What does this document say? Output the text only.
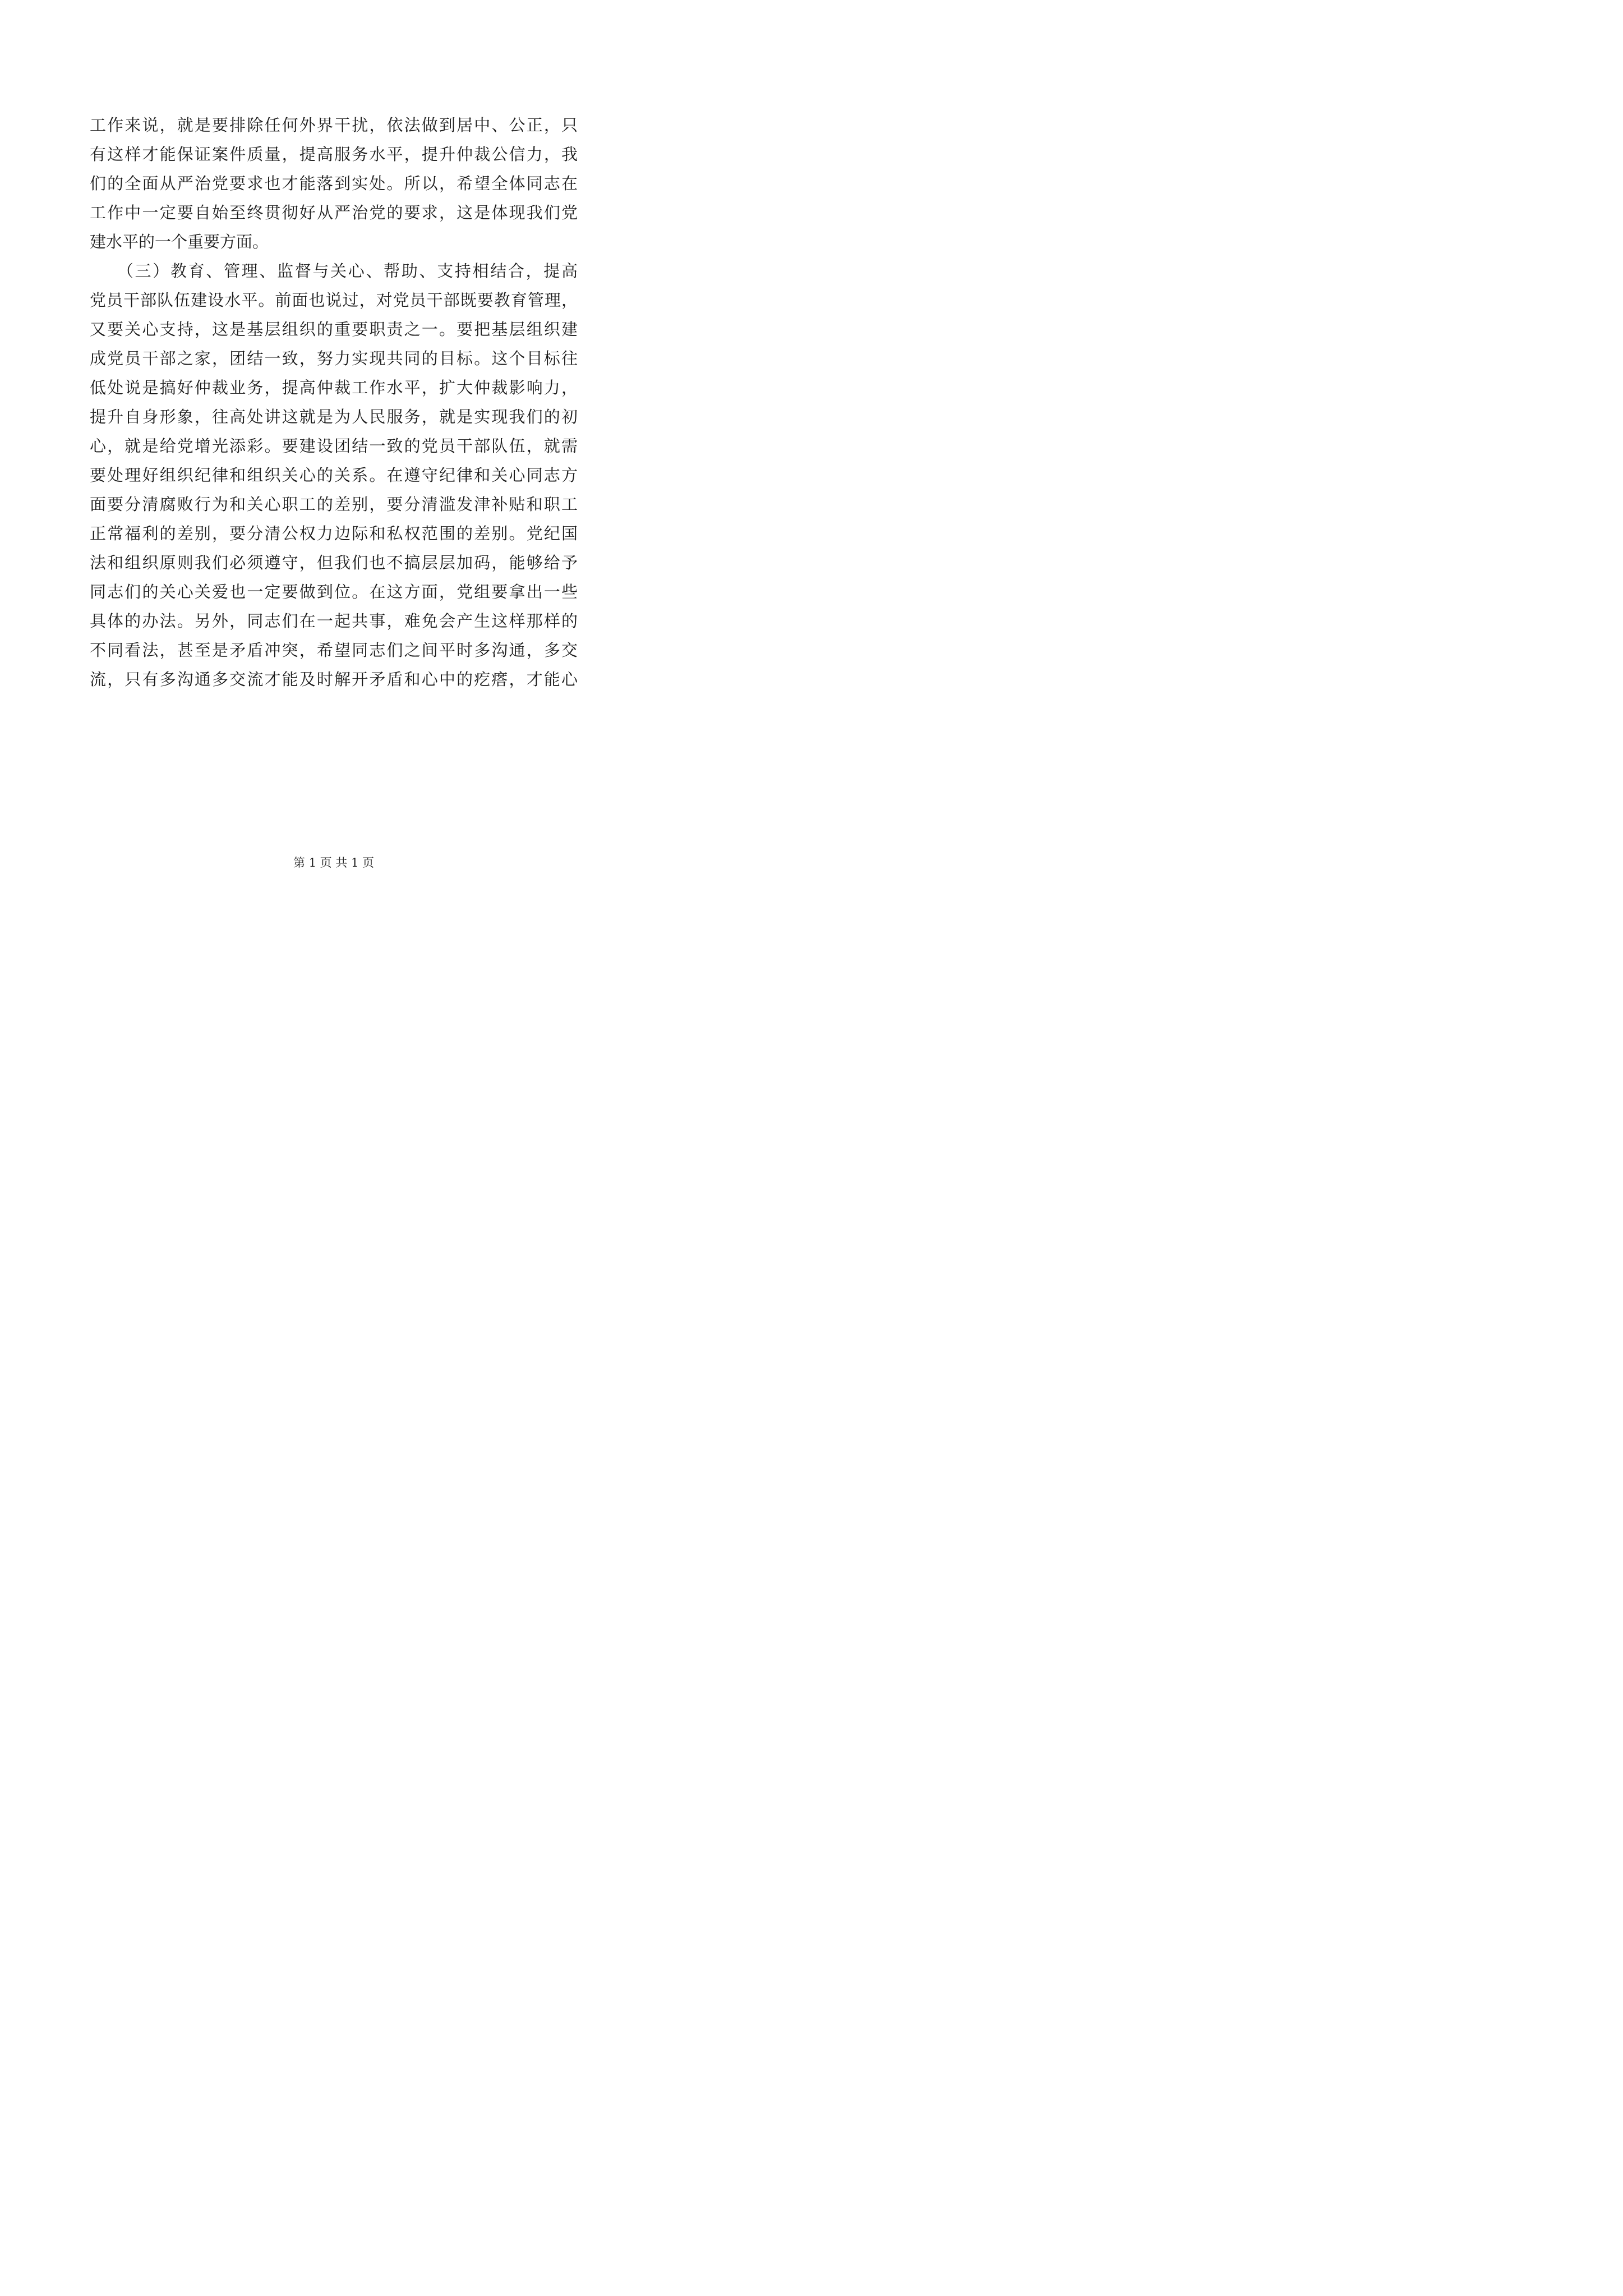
工作来说，就是要排除任何外界干扰，依法做到居中、公正，只
有这样才能保证案件质量，提高服务水平，提升仲裁公信力，我
们的全面从严治党要求也才能落到实处。所以，希望全体同志在
工作中一定要自始至终贯彻好从严治党的要求，这是体现我们党
建水平的一个重要方面。
　　（三）教育、管理、监督与关心、帮助、支持相结合，提高
党员干部队伍建设水平。前面也说过，对党员干部既要教育管理，
又要关心支持，这是基层组织的重要职责之一。要把基层组织建
成党员干部之家，团结一致，努力实现共同的目标。这个目标往
低处说是搞好仲裁业务，提高仲裁工作水平，扩大仲裁影响力，
提升自身形象，往高处讲这就是为人民服务，就是实现我们的初
心，就是给党增光添彩。要建设团结一致的党员干部队伍，就需
要处理好组织纪律和组织关心的关系。在遵守纪律和关心同志方
面要分清腐败行为和关心职工的差别，要分清滥发津补贴和职工
正常福利的差别，要分清公权力边际和私权范围的差别。党纪国
法和组织原则我们必须遵守，但我们也不搞层层加码，能够给予
同志们的关心关爱也一定要做到位。在这方面，党组要拿出一些
具体的办法。另外，同志们在一起共事，难免会产生这样那样的
不同看法，甚至是矛盾冲突，希望同志们之间平时多沟通，多交
流，只有多沟通多交流才能及时解开矛盾和心中的疙瘩，才能心
第 1 页 共 1 页
